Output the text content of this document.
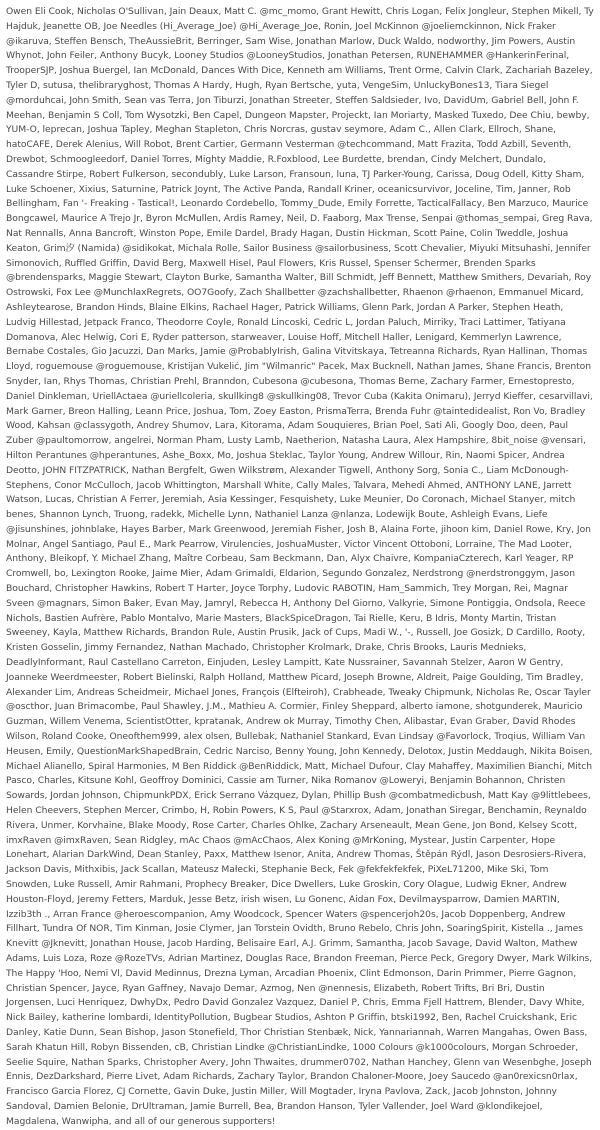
Owen Eli Cook, Nicholas O'Sullivan, Jain Deaux, Matt C. @mc_momo, Grant Hewitt, Chris Logan, Felix Jongleur, Stephen Mikell, Ty Hajduk, Jeanette OB, Joe Needles (Hi_Average_Joe) @Hi_Average_Joe, Ronin, Joel McKinnon @joeliemckinnon, Nick Fraker @ikaruva, Steffen Bensch, TheAussieBrit, Berringer, Sam Wise, Jonathan Marlow, Duck Waldo, nodworthy, Jim Powers, Austin Whynot, John Feiler, Anthony Bucyk, Looney Studios @LooneyStudios, Jonathan Petersen, RUNEHAMMER @HankerinFerinal, TrooperSJP, Joshua Buergel, Ian McDonald, Dances With Dice, Kenneth am Williams, Trent Orme, Calvin Clark, Zachariah Bazeley, Tyler D, sutusa, thelibraryghost, Thomas A Hardy, Hugh, Ryan Bertsche, yuta, VengeSim, UnluckyBones13, Tiara Siegel @morduhcai, John Smith, Sean vas Terra, Jon Tiburzi, Jonathan Streeter, Steffen Saldsieder, Ivo, DavidUm, Gabriel Bell, John F. Meehan, Benjamin S Coll, Tom Wysotzki, Ben Capel, Dungeon Mapster, Projeckt, Ian Moriarty, Masked Tuxedo, Dee Chiu, bewby, YUM-O, leprecan, Joshua Tapley, Meghan Stapleton, Chris Norcras, gustav seymore, Adam C., Allen Clark, Ellroch, Shane, hatoCAFE, Derek Alenius, Will Robot, Brent Cartier, Germann Vesterman @techcommand, Matt Frazita, Todd Azbill, Seventh, Drewbot, Schmoogleedorf, Daniel Torres, Mighty Maddie, R.Foxblood, Lee Burdette, brendan, Cindy Melchert, Dundalo, Cassandre Stirpe, Robert Fulkerson, secondubly, Luke Larson, Fransoun, luna, TJ Parker-Young, Carissa, Doug Odell, Kitty Sham, Luke Schoener, Xixius, Saturnine, Patrick Joynt, The Active Panda, Randall Kriner, oceanicsurvivor, Joceline, Tim, Janner, Rob Bellingham, Fan '- Freaking - Tastical!, Leonardo Cordebello, Tommy_Dude, Emily Forrette, TacticalFallacy, Ben Marzuco, Maurice Bongcawel, Maurice A Trejo Jr, Byron McMullen, Ardis Ramey, Neil, D. Faaborg, Max Trense, Senpai @thomas_sempai, Greg Rava, Nat Rennalls, Anna Bancroft, Winston Pope, Emile Dardel, Brady Hagan, Dustin Hickman, Scott Paine, Colin Tweddle, Joshua Keaton, Grim汐 (Namida) @sidikokat, Michala Rolle, Sailor Business @sailorbusiness, Scott Chevalier, Miyuki Mitsuhashi, Jennifer Simonovich, Ruffled Griffin, David Berg, Maxwell Hisel, Paul Flowers, Kris Russel, Spenser Schermer, Brenden Sparks @brendensparks, Maggie Stewart, Clayton Burke, Samantha Walter, Bill Schmidt, Jeff Bennett, Matthew Smithers, Devariah, Roy Ostrowski, Fox Lee @MunchlaxRegrets, OO7Goofy, Zach Shallbetter @zachshallbetter, Rhaenon @rhaenon, Emmanuel Micard, Ashleytearose, Brandon Hinds, Blaine Elkins, Rachael Hager, Patrick Williams, Glenn Park, Jordan A Parker, Stephen Heath, Ludvig Hillestad, Jetpack Franco, Theodorre Coyle, Ronald Lincoski, Cedric L, Jordan Paluch, Mirriky, Traci Lattimer, Tatiyana Domanova, Alec Helwig, Cori E, Ryder patterson, starweaver, Louise Hoff, Mitchell Haller, Lenigard, Kemmerlyn Lawrence, Bernabe Costales, Gio Jacuzzi, Dan Marks, Jamie @ProbablyIrish, Galina Vitvitskaya, Tetreanna Richards, Ryan Hallinan, Thomas Lloyd, roguemouse @roguemouse, Kristijan Vukelić, Jim "Wilmanric" Pacek, Max Bucknell, Nathan James, Shane Francis, Brenton Snyder, Ian, Rhys Thomas, Christian Prehl, Branndon, Cubesona @cubesona, Thomas Berne, Zachary Farmer, Ernestopresto, Daniel Dinkleman, UriellActaea @uriellcoleria, skullking8 @skullking08, Trevor Cuba (Kakita Onimaru), Jerryd Kieffer, cesarvillavi, Mark Garner, Breon Halling, Leann Price, Joshua, Tom, Zoey Easton, PrismaTerra, Brenda Fuhr @taintedidealist, Ron Vo, Bradley Wood, Kahsan @classygoth, Andrey Shumov, Lara, Kitorama, Adam Souquieres, Brian Poel, Sati Ali, Googly Doo, deen, Paul Zuber @paultomorrow, angelrei, Norman Pham, Lusty Lamb, Naetherion, Natasha Laura, Alex Hampshire, 8bit_noise @vensari, Hilton Perantunes @hperantunes, Ashe_Boxx, Mo, Joshua Steklac, Taylor Young, Andrew Willour, Rin, Naomi Spicer, Andrea Deotto, JOHN FITZPATRICK, Nathan Bergfelt, Gwen Wilkstrøm, Alexander Tigwell, Anthony Sorg, Sonia C., Liam McDonough-Stephens, Conor McCulloch, Jacob Whittington, Marshall White, Cally Males, Talvara, Mehedi Ahmed, ANTHONY LANE, Jarrett Watson, Lucas, Christian A Ferrer, Jeremiah, Asia Kessinger, Fesquishety, Luke Meunier, Do Coronach, Michael Stanyer, mitch benes, Shannon Lynch, Truong, radekk, Michelle Lynn, Nathaniel Lanza @nlanza, Lodewijk Boute, Ashleigh Evans, Liefe @jisunshines, johnblake, Hayes Barber, Mark Greenwood, Jeremiah Fisher, Josh B, Alaina Forte, jihoon kim, Daniel Rowe, Kry, Jon Molnar, Angel Santiago, Paul E., Mark Pearrow, Virulencies, JoshuaMuster, Victor Vincent Ottoboni, Lorraine, The Mad Looter, Anthony, Bleikopf, Y. Michael Zhang, Maître Corbeau, Sam Beckmann, Dan, Alyx Chaivre, KompaniaCzterech, Karl Yeager, RP Cromwell, bo, Lexington Rooke, Jaime Mier, Adam Grimaldi, Eldarion, Segundo Gonzalez, Nerdstrong @nerdstronggym, Jason Bouchard, Christopher Hawkins, Robert T Harter, Joyce Torphy, Ludovic RABOTIN, Ham_Sammich, Trey Morgan, Rei, Magnar Sveen @magnars, Simon Baker, Evan May, Jamryl, Rebecca H, Anthony Del Giorno, Valkyrie, Simone Pontiggia, Ondsola, Reece Nichols, Bastien Aufrère, Pablo Montalvo, Marie Masters, BlackSpiceDragon, Tai Rielle, Keru, B Idris, Monty Martin, Tristan Sweeney, Kayla, Matthew Richards, Brandon Rule, Austin Prusik, Jack of Cups, Madi W., '-, Russell, Joe Gosizk, D Cardillo, Rooty, Kristen Gosselin, Jimmy Fernandez, Nathan Machado, Christopher Krolmark, Drake, Chris Brooks, Lauris Mednieks, DeadlyInformant, Raul Castellano Carreton, Einjuden, Lesley Lampitt, Kate Nussrainer, Savannah Stelzer, Aaron W Gentry, Joanneke Weerdmeester, Robert Bielinski, Ralph Holland, Matthew Picard, Joseph Browne, Aldreit, Paige Goulding, Tim Bradley, Alexander Lim, Andreas Scheidmeir, Michael Jones, François (Elfteiroh), Crabheade, Tweaky Chipmunk, Nicholas Re, Oscar Tayler @oscthor, Juan Brimacombe, Paul Shawley, J.M., Mathieu A. Cormier, Finley Sheppard, alberto iamone, shotgunderek, Mauricio Guzman, Willem Venema, ScientistOtter, kpratanak, Andrew ok Murray, Timothy Chen, Alibastar, Evan Graber, David Rhodes Wilson, Roland Cooke, Oneofthem999, alex olsen, Bullebak, Nathaniel Stankard, Evan Lindsay @Favorlock, Troqius, William Van Heusen, Emily, QuestionMarkShapedBrain, Cedric Narciso, Benny Young, John Kennedy, Delotox, Justin Meddaugh, Nikita Boisen, Michael Alianello, Spiral Harmonies, M Ben Riddick @BenRiddick, Matt, Michael Dufour, Clay Mahaffey, Maximilien Bianchi, Mitch Pasco, Charles, Kitsune Kohl, Geoffroy Dominici, Cassie am Turner, Nika Romanov @Loweryi, Benjamin Bohannon, Christen Sowards, Jordan Johnson, ChipmunkPDX, Erick Serrano Vázquez, Dylan, Phillip Bush @combatmedicbush, Matt Kay @9littlebees, Helen Cheevers, Stephen Mercer, Crimbo, H, Robin Powers, K S, Paul @Starxrox, Adam, Jonathan Siregar, Benchamin, Reynaldo Rivera, Unmer, Korvhaine, Blake Moody, Rose Carter, Charles Ohlke, Zachary Arseneault, Mean Gene, Jon Bond, Kelsey Scott, imxRaven @imxRaven, Sean Ridgley, mAc Chaos @mAcChaos, Alex Koning @MrKoning, Mystear, Justin Carpenter, Hope Lonehart, Alarian DarkWind, Dean Stanley, Paxx, Matthew Isenor, Anita, Andrew Thomas, Štěpán Rýdl, Jason Desrosiers-Rivera, Jackson Davis, Mithxibis, Jack Scallan, Mateusz Małecki, Stephanie Beck, Fek @fekfekfekfek, PiXeL71200, Mike Ski, Tom Snowden, Luke Russell, Amir Rahmani, Prophecy Breaker, Dice Dwellers, Luke Groskin, Cory Olague, Ludwig Ekner, Andrew Houston-Floyd, Jeremy Fetters, Marduk, Jesse Betz, irish wisen, Lu Gonenc, Aidan Fox, Devilmaysparrow, Damien MARTIN, Izzib3th ., Arran France @heroescompanion, Amy Woodcock, Spencer Waters @spencerjoh20s, Jacob Doppenberg, Andrew Fillhart, Tundra Of NOR, Tim Kinman, Josie Clymer, Jan Torstein Ovidth, Bruno Rebelo, Chris John, SoaringSpirit, Kistella ., James Knevitt @Jknevitt, Jonathan House, Jacob Harding, Belisaire Earl, A.J. Grimm, Samantha, Jacob Savage, David Walton, Mathew Adams, Luis Loza, Roze @RozeTVs, Adrian Martinez, Douglas Race, Brandon Freeman, Pierce Peck, Gregory Dwyer, Mark Wilkins, The Happy 'Hoo, Nemi Vl, David Medinnus, Drezna Lyman, Arcadian Phoenix, Clint Edmonson, Darin Primmer, Pierre Gagnon, Christian Spencer, Jayce, Ryan Gaffney, Navajo Demar, Azmog, Nen @nennesis, Elizabeth, Robert Trifts, Bri Bri, Dustin Jorgensen, Luci Henriquez, DwhyDx, Pedro David Gonzalez Vazquez, Daniel P, Chris, Emma Fjell Hattrem, Blender, Davy White, Nick Bailey, katherine lombardi, IdentityPollution, Bugbear Studios, Ashton P Griffin, btski1992, Ben, Rachel Cruickshank, Eric Danley, Katie Dunn, Sean Bishop, Jason Stonefield, Thor Christian Stenbæk, Nick, Yannariannah, Warren Mangahas, Owen Bass, Sarah Khatun Hill, Robyn Bissenden, cB, Christian Lindke @ChristianLindke, 1000 Colours @k1000colours, Morgan Schroeder, Seelie Squire, Nathan Sparks, Christopher Avery, John Thwaites, drummer0702, Nathan Hanchey, Glenn van Wesenbghe, Joseph Ennis, DezDarkshard, Pierre Livet, Adam Richards, Zachary Taylor, Brandon Chaloner-Moore, Joey Saucedo @an0rexicsn0rlax, Francisco Garcia Florez, CJ Cornette, Gavin Duke, Justin Miller, Will Mogtader, Iryna Pavlova, Zack, Jacob Johnston, Johnny Sandoval, Damien Belonie, DrUltraman, Jamie Burrell, Bea, Brandon Hanson, Tyler Vallender, Joel Ward @klondikejoel, Magdalena, Wanwipha, and all of our generous supporters!
